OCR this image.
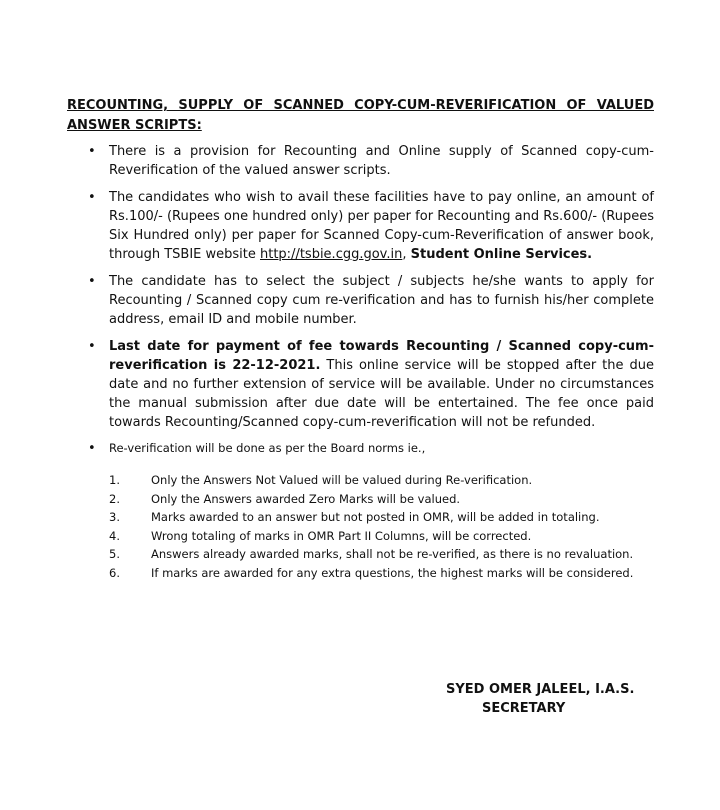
RECOUNTING, SUPPLY OF SCANNED COPY-CUM-REVERIFICATION OF VALUED ANSWER SCRIPTS:

• There is a provision for Recounting and Online supply of Scanned copy-cum-Reverification of the valued answer scripts.
• The candidates who wish to avail these facilities have to pay online, an amount of Rs.100/- (Rupees one hundred only) per paper for Recounting and Rs.600/- (Rupees Six Hundred only) per paper for Scanned Copy-cum-Reverification of answer book, through TSBIE website http://tsbie.cgg.gov.in, Student Online Services.
• The candidate has to select the subject / subjects he/she wants to apply for Recounting / Scanned copy cum re-verification and has to furnish his/her complete address, email ID and mobile number.
• Last date for payment of fee towards Recounting / Scanned copy-cum-reverification is 22-12-2021. This online service will be stopped after the due date and no further extension of service will be available. Under no circumstances the manual submission after due date will be entertained. The fee once paid towards Recounting/Scanned copy-cum-reverification will not be refunded.
• Re-verification will be done as per the Board norms ie.,
1.	Only the Answers Not Valued will be valued during Re-verification.
2.	Only the Answers awarded Zero Marks will be valued.
3.	Marks awarded to an answer but not posted in OMR, will be added in totaling.
4.	Wrong totaling of marks in OMR Part II Columns, will be corrected.
5.	Answers already awarded marks, shall not be re-verified, as there is no revaluation.
6.	If marks are awarded for any extra questions, the highest marks will be considered.
SYED OMER JALEEL, I.A.S.
SECRETARY
